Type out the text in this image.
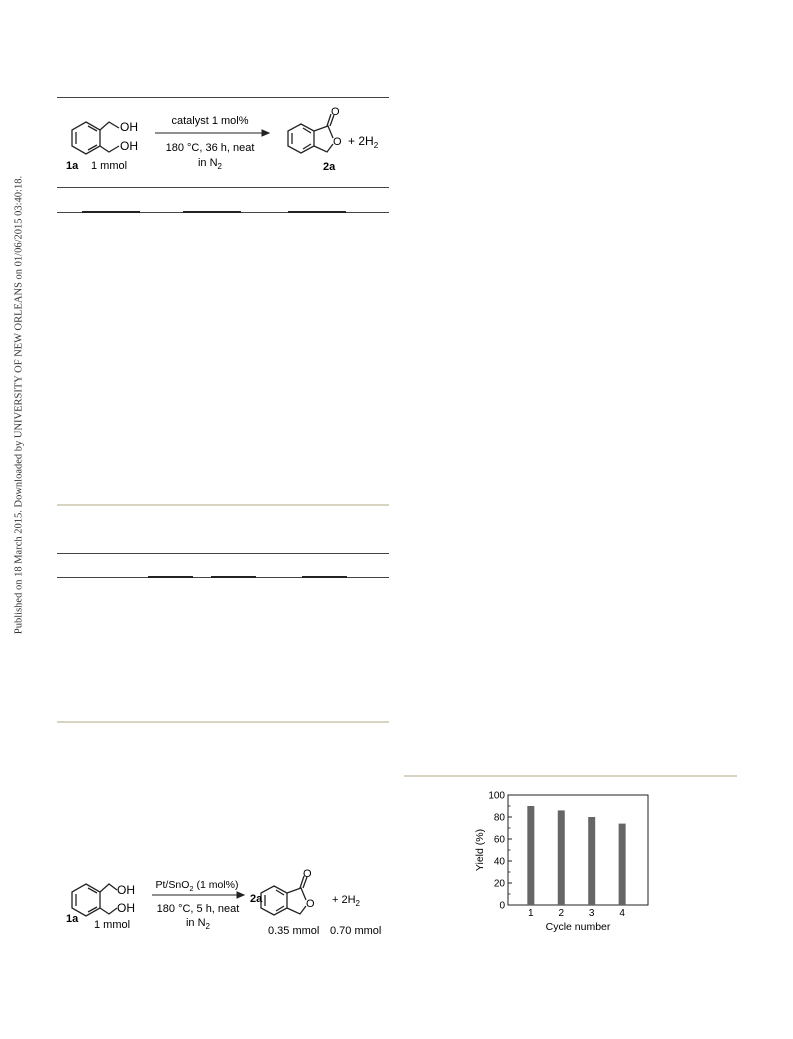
Published on 18 March 2015. Downloaded by UNIVERSITY OF NEW ORLEANS on 01/06/2015 03:40:18.
OH
OH
1a 1 mmol
catalyst 1 mol%
180 °C, 36 h, neat
in $N_2$
O
$O + 2H_2$
2a
OH
OH
1a 1 mmol
Pt/SnO$_2$ (1 mol%)
180 °C, 5 h, neat
in $N_2$
O
O
2a
0.35 mmol
+ $2H_2$
0.70 mmol
0
20
40
60
80
100
1 2 3 4
Yield (%)
Cycle number
